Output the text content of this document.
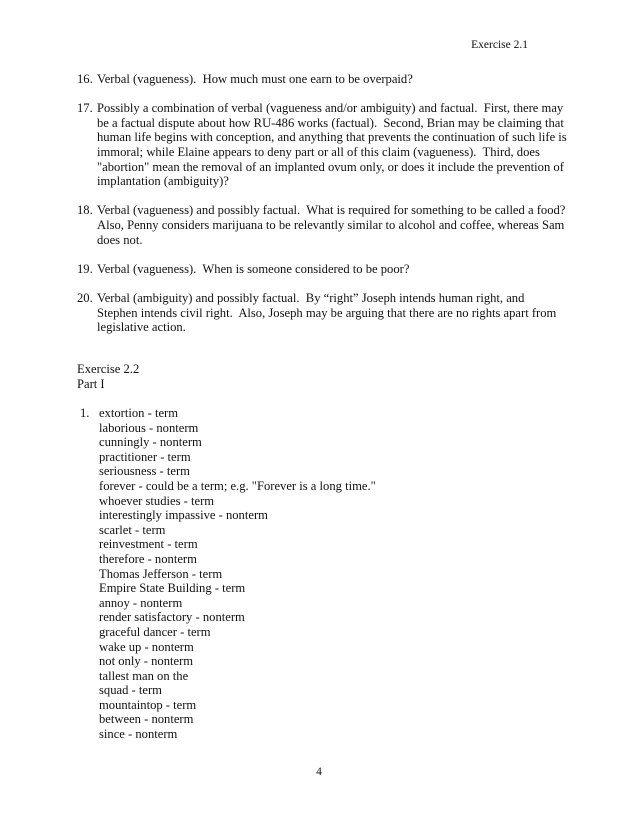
Exercise 2.1
16. Verbal (vagueness).  How much must one earn to be overpaid?
17. Possibly a combination of verbal (vagueness and/or ambiguity) and factual.  First, there may
be a factual dispute about how RU-486 works (factual).  Second, Brian may be claiming that
human life begins with conception, and anything that prevents the continuation of such life is
immoral; while Elaine appears to deny part or all of this claim (vagueness).  Third, does
"abortion" mean the removal of an implanted ovum only, or does it include the prevention of
implantation (ambiguity)?
18. Verbal (vagueness) and possibly factual.  What is required for something to be called a food?
Also, Penny considers marijuana to be relevantly similar to alcohol and coffee, whereas Sam
does not.
19. Verbal (vagueness).  When is someone considered to be poor?
20. Verbal (ambiguity) and possibly factual.  By “right” Joseph intends human right, and
Stephen intends civil right.  Also, Joseph may be arguing that there are no rights apart from
legislative action.
Exercise 2.2
Part I
1. extortion - term
laborious - nonterm
cunningly - nonterm
practitioner - term
seriousness - term
forever - could be a term; e.g. "Forever is a long time."
whoever studies - term
interestingly impassive - nonterm
scarlet - term
reinvestment - term
therefore - nonterm
Thomas Jefferson - term
Empire State Building - term
annoy - nonterm
render satisfactory - nonterm
graceful dancer - term
wake up - nonterm
not only - nonterm
tallest man on the
squad - term
mountaintop - term
between - nonterm
since - nonterm
4
